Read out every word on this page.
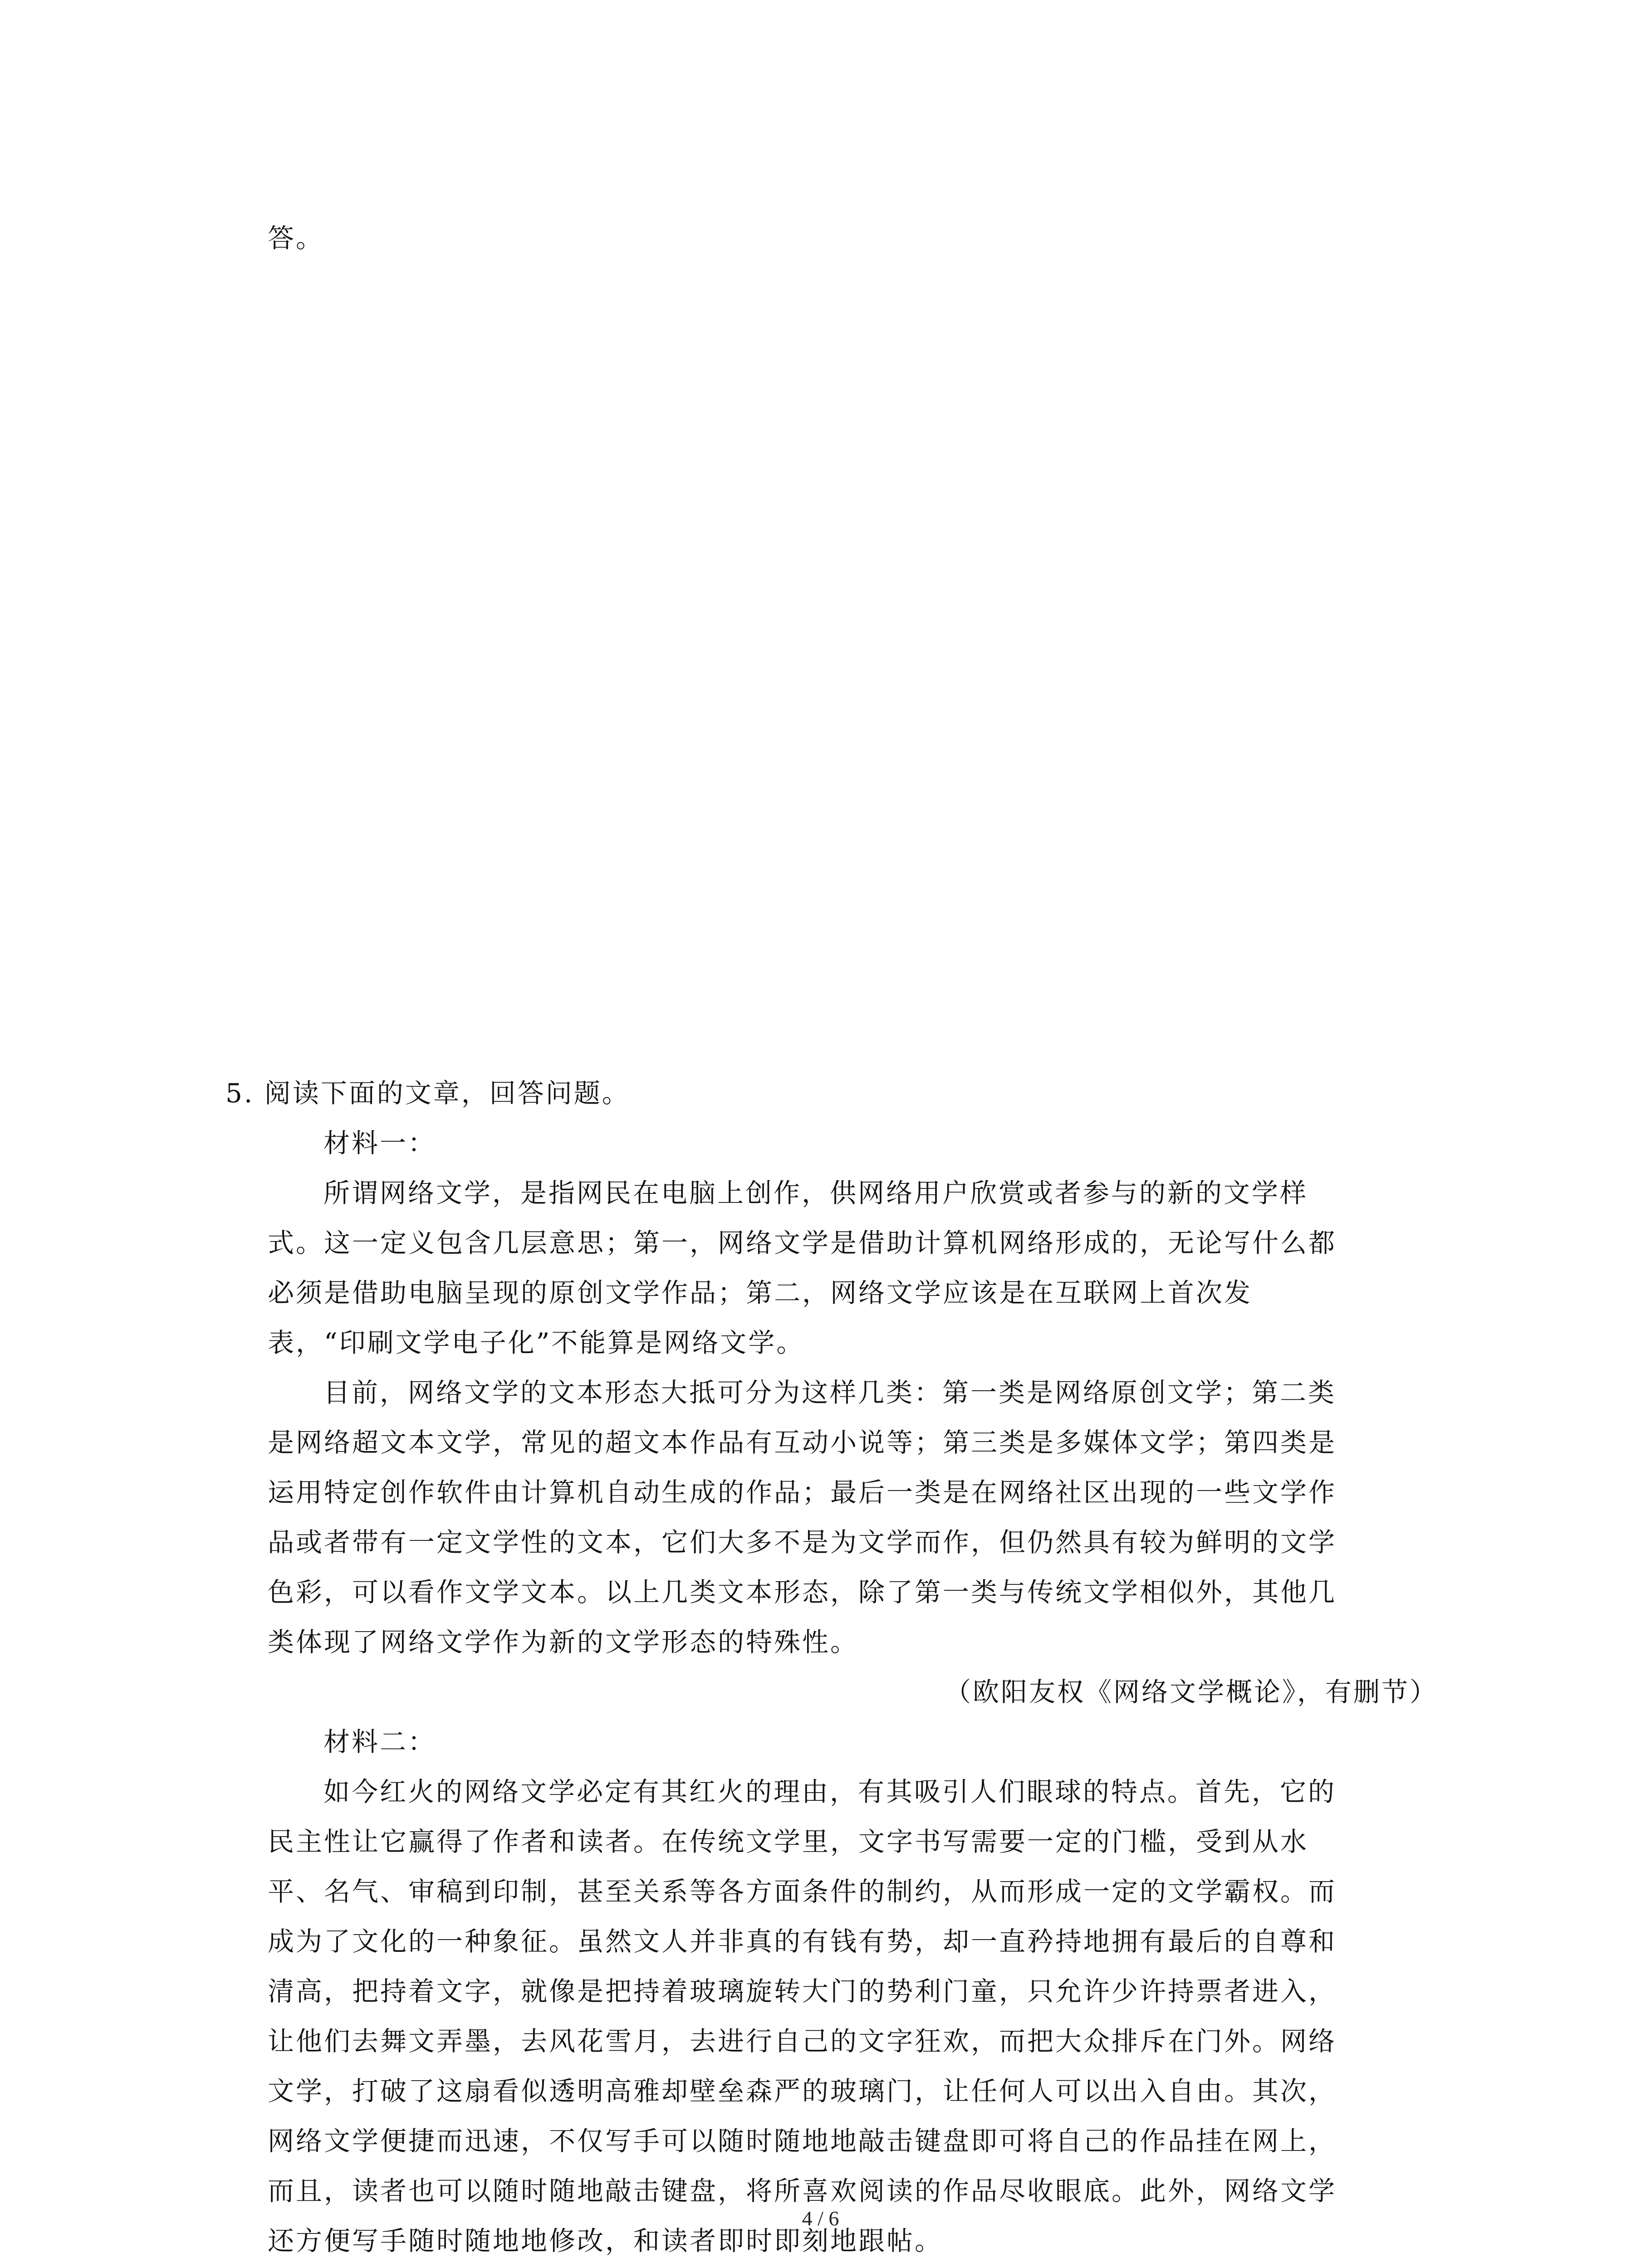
答。
5. 阅读下面的文章，回答问题。
材料一：
所谓网络文学，是指网民在电脑上创作，供网络用户欣赏或者参与的新的文学样
式。这一定义包含几层意思；第一，网络文学是借助计算机网络形成的，无论写什么都
必须是借助电脑呈现的原创文学作品；第二，网络文学应该是在互联网上首次发
表，“印刷文学电子化”不能算是网络文学。
目前，网络文学的文本形态大抵可分为这样几类：第一类是网络原创文学；第二类
是网络超文本文学，常见的超文本作品有互动小说等；第三类是多媒体文学；第四类是
运用特定创作软件由计算机自动生成的作品；最后一类是在网络社区出现的一些文学作
品或者带有一定文学性的文本，它们大多不是为文学而作，但仍然具有较为鲜明的文学
色彩，可以看作文学文本。以上几类文本形态，除了第一类与传统文学相似外，其他几
类体现了网络文学作为新的文学形态的特殊性。
（欧阳友权《网络文学概论》，有删节）
材料二：
如今红火的网络文学必定有其红火的理由，有其吸引人们眼球的特点。首先，它的
民主性让它赢得了作者和读者。在传统文学里，文字书写需要一定的门槛，受到从水
平、名气、审稿到印制，甚至关系等各方面条件的制约，从而形成一定的文学霸权。而
成为了文化的一种象征。虽然文人并非真的有钱有势，却一直矜持地拥有最后的自尊和
清高，把持着文字，就像是把持着玻璃旋转大门的势利门童，只允许少许持票者进入，
让他们去舞文弄墨，去风花雪月，去进行自己的文字狂欢，而把大众排斥在门外。网络
文学，打破了这扇看似透明高雅却壁垒森严的玻璃门，让任何人可以出入自由。其次，
网络文学便捷而迅速，不仅写手可以随时随地地敲击键盘即可将自己的作品挂在网上，
而且，读者也可以随时随地敲击键盘，将所喜欢阅读的作品尽收眼底。此外，网络文学
还方便写手随时随地地修改，和读者即时即刻地跟帖。
4 / 6
